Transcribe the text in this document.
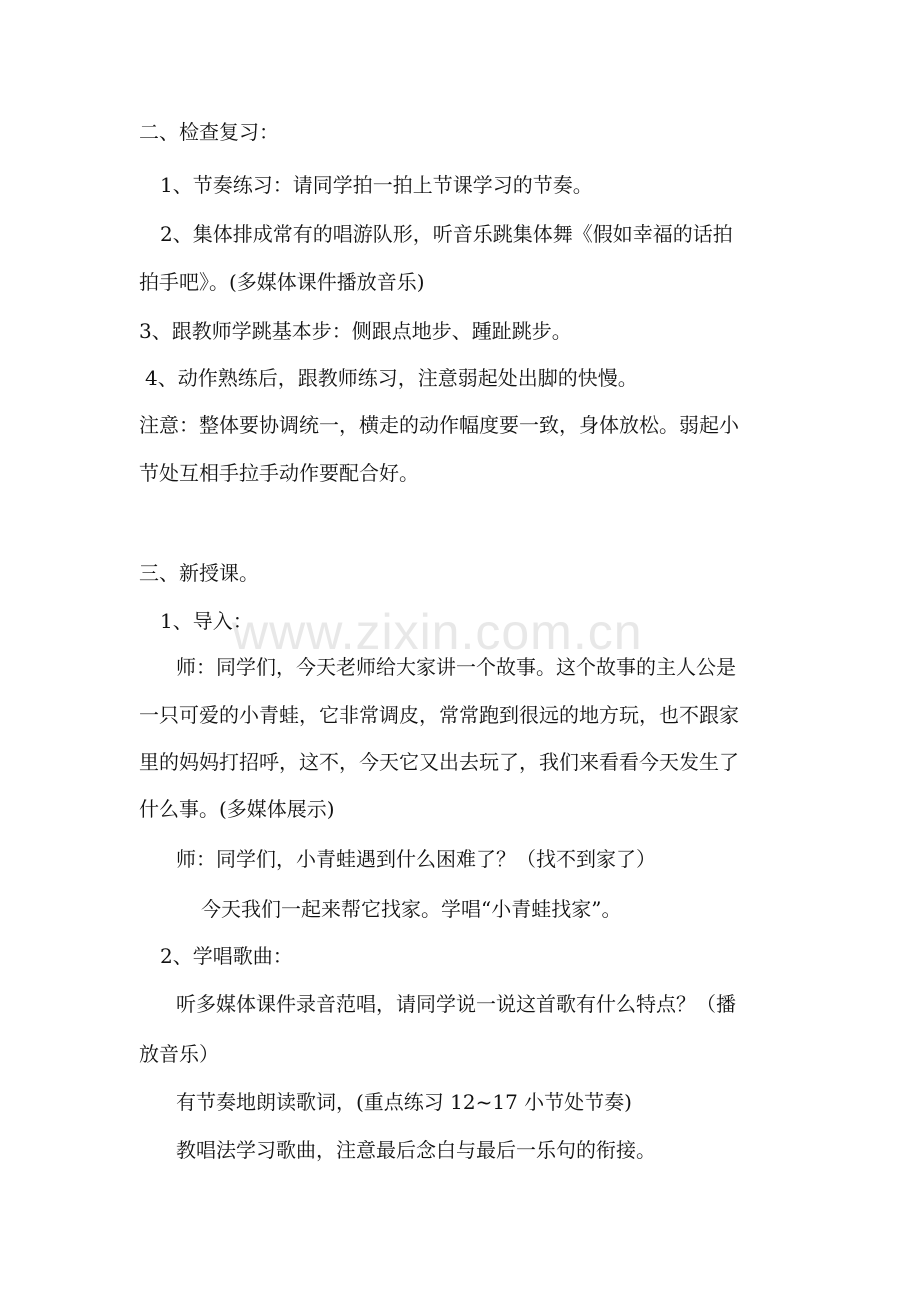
www.zixin.com.cn
二、检查复习：
1、节奏练习：请同学拍一拍上节课学习的节奏。
2、集体排成常有的唱游队形，听音乐跳集体舞《假如幸福的话拍
拍手吧》。(多媒体课件播放音乐)
3、跟教师学跳基本步：侧跟点地步、踵趾跳步。
4、动作熟练后，跟教师练习，注意弱起处出脚的快慢。
注意：整体要协调统一，横走的动作幅度要一致，身体放松。弱起小
节处互相手拉手动作要配合好。
三、新授课。
1、导入：
师：同学们，今天老师给大家讲一个故事。这个故事的主人公是
一只可爱的小青蛙，它非常调皮，常常跑到很远的地方玩，也不跟家
里的妈妈打招呼，这不，今天它又出去玩了，我们来看看今天发生了
什么事。(多媒体展示)
师：同学们，小青蛙遇到什么困难了？（找不到家了）
今天我们一起来帮它找家。学唱“小青蛙找家”。
2、学唱歌曲：
听多媒体课件录音范唱，请同学说一说这首歌有什么特点？（播
放音乐）
有节奏地朗读歌词，(重点练习 12~17 小节处节奏)
教唱法学习歌曲，注意最后念白与最后一乐句的衔接。
